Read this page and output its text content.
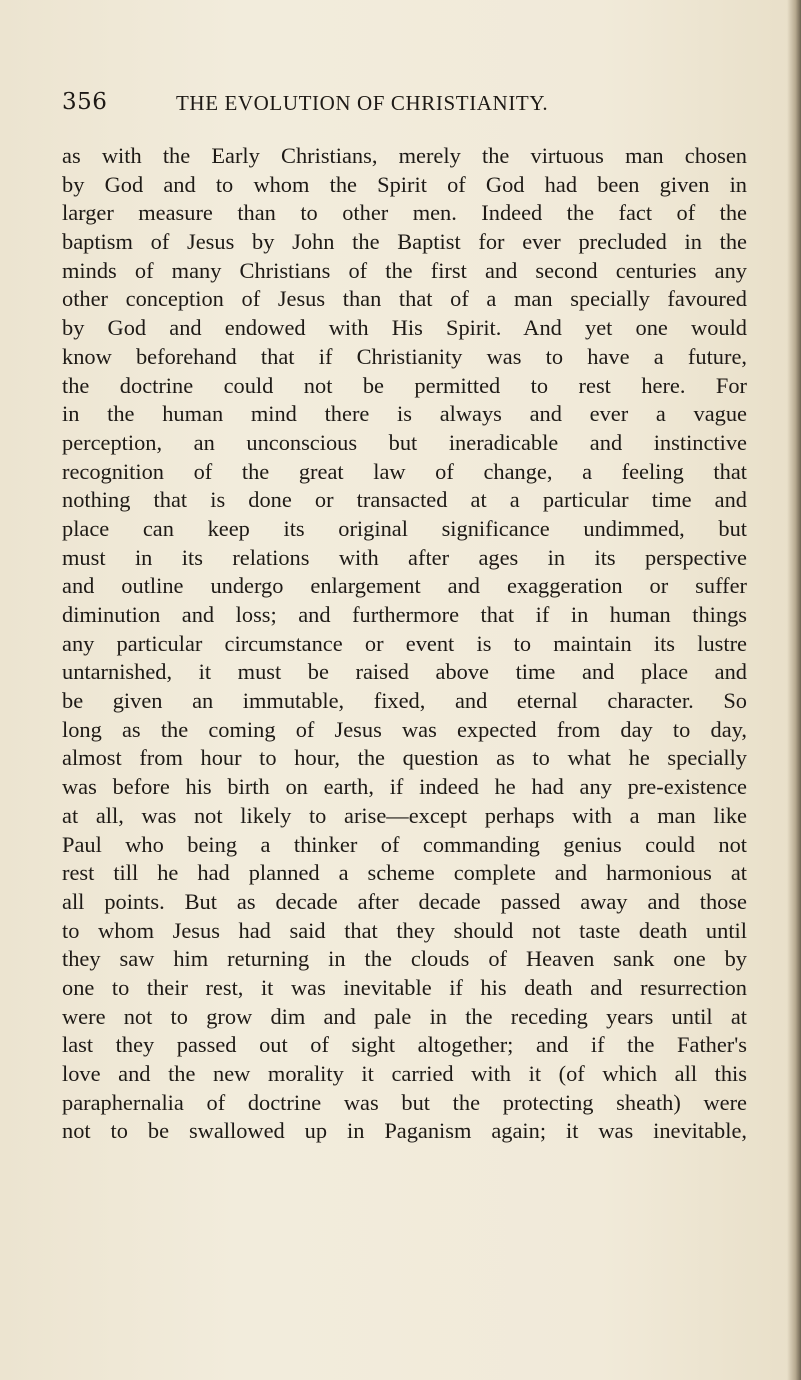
356	THE EVOLUTION OF CHRISTIANITY.
as with the Early Christians, merely the virtuous man chosen
by God and to whom the Spirit of God had been given in
larger measure than to other men. Indeed the fact of the
baptism of Jesus by John the Baptist for ever precluded in the
minds of many Christians of the first and second centuries any
other conception of Jesus than that of a man specially favoured
by God and endowed with His Spirit. And yet one would
know beforehand that if Christianity was to have a future,
the doctrine could not be permitted to rest here. For
in the human mind there is always and ever a vague
perception, an unconscious but ineradicable and instinctive
recognition of the great law of change, a feeling that
nothing that is done or transacted at a particular time and
place can keep its original significance undimmed, but
must in its relations with after ages in its perspective
and outline undergo enlargement and exaggeration or suffer
diminution and loss; and furthermore that if in human things
any particular circumstance or event is to maintain its lustre
untarnished, it must be raised above time and place and
be given an immutable, fixed, and eternal character. So
long as the coming of Jesus was expected from day to day,
almost from hour to hour, the question as to what he specially
was before his birth on earth, if indeed he had any pre-existence
at all, was not likely to arise—except perhaps with a man like
Paul who being a thinker of commanding genius could not
rest till he had planned a scheme complete and harmonious at
all points. But as decade after decade passed away and those
to whom Jesus had said that they should not taste death until
they saw him returning in the clouds of Heaven sank one by
one to their rest, it was inevitable if his death and resurrection
were not to grow dim and pale in the receding years until at
last they passed out of sight altogether; and if the Father's
love and the new morality it carried with it (of which all this
paraphernalia of doctrine was but the protecting sheath) were
not to be swallowed up in Paganism again; it was inevitable,
